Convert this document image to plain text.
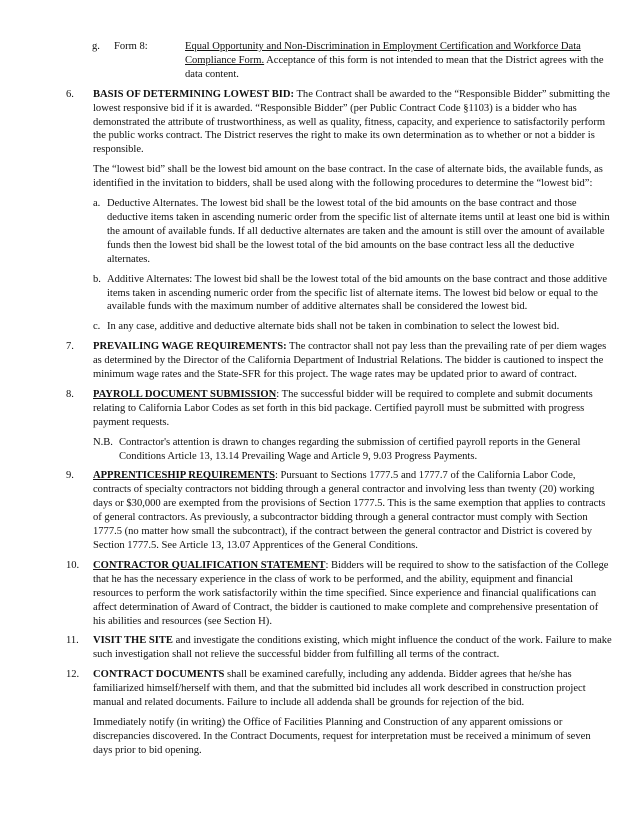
g. Form 8:	Equal Opportunity and Non-Discrimination in Employment Certification and Workforce Data Compliance Form. Acceptance of this form is not intended to mean that the District agrees with the data content.

6. BASIS OF DETERMINING LOWEST BID: The Contract shall be awarded to the “Responsible Bidder” submitting the lowest responsive bid if it is awarded. “Responsible Bidder” (per Public Contract Code §1103) is a bidder who has demonstrated the attribute of trustworthiness, as well as quality, fitness, capacity, and experience to satisfactorily perform the public works contract. The District reserves the right to make its own determination as to whether or not a bidder is responsible.

The “lowest bid” shall be the lowest bid amount on the base contract. In the case of alternate bids, the available funds, as identified in the invitation to bidders, shall be used along with the following procedures to determine the “lowest bid”:

a. Deductive Alternates. The lowest bid shall be the lowest total of the bid amounts on the base contract and those deductive items taken in ascending numeric order from the specific list of alternate items until at least one bid is within the amount of available funds. If all deductive alternates are taken and the amount is still over the amount of available funds then the lowest bid shall be the lowest total of the bid amounts on the base contract less all the deductive alternates.

b. Additive Alternates: The lowest bid shall be the lowest total of the bid amounts on the base contract and those additive items taken in ascending numeric order from the specific list of alternate items. The lowest bid below or equal to the available funds with the maximum number of additive alternates shall be considered the lowest bid.

c. In any case, additive and deductive alternate bids shall not be taken in combination to select the lowest bid.

7. PREVAILING WAGE REQUIREMENTS: The contractor shall not pay less than the prevailing rate of per diem wages as determined by the Director of the California Department of Industrial Relations. The bidder is cautioned to inspect the minimum wage rates and the State-SFR for this project. The wage rates may be updated prior to award of contract.

8. PAYROLL DOCUMENT SUBMISSION: The successful bidder will be required to complete and submit documents relating to California Labor Codes as set forth in this bid package. Certified payroll must be submitted with progress payment requests.

N.B. Contractor's attention is drawn to changes regarding the submission of certified payroll reports in the General Conditions Article 13, 13.14 Prevailing Wage and Article 9, 9.03 Progress Payments.

9. APPRENTICESHIP REQUIREMENTS: Pursuant to Sections 1777.5 and 1777.7 of the California Labor Code, contracts of specialty contractors not bidding through a general contractor and involving less than twenty (20) working days or $30,000 are exempted from the provisions of Section 1777.5. This is the same exemption that applies to contracts of general contractors. As previously, a subcontractor bidding through a general contractor must comply with Section 1777.5 (no matter how small the subcontract), if the contract between the general contractor and District is covered by Section 1777.5. See Article 13, 13.07 Apprentices of the General Conditions.

10. CONTRACTOR QUALIFICATION STATEMENT: Bidders will be required to show to the satisfaction of the College that he has the necessary experience in the class of work to be performed, and the ability, equipment and financial resources to perform the work satisfactorily within the time specified. Since experience and financial qualifications can affect determination of Award of Contract, the bidder is cautioned to make complete and comprehensive presentation of his abilities and resources (see Section H).

11. VISIT THE SITE and investigate the conditions existing, which might influence the conduct of the work. Failure to make such investigation shall not relieve the successful bidder from fulfilling all terms of the contract.

12. CONTRACT DOCUMENTS shall be examined carefully, including any addenda. Bidder agrees that he/she has familiarized himself/herself with them, and that the submitted bid includes all work described in construction project manual and related documents. Failure to include all addenda shall be grounds for rejection of the bid.

Immediately notify (in writing) the Office of Facilities Planning and Construction of any apparent omissions or discrepancies discovered. In the Contract Documents, request for interpretation must be received a minimum of seven days prior to bid opening.
